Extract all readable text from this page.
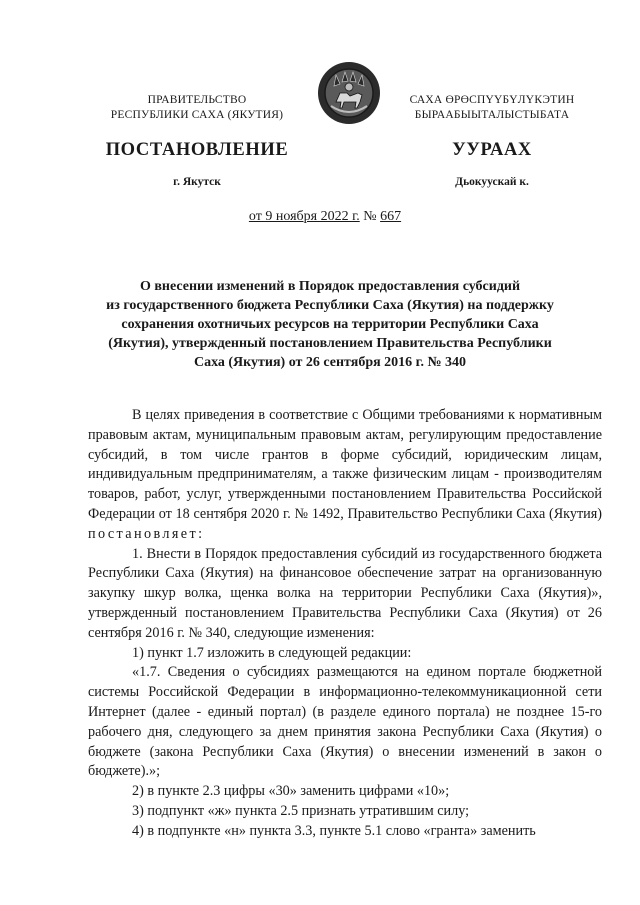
ПРАВИТЕЛЬСТВО
РЕСПУБЛИКИ САХА (ЯКУТИЯ)
САХА ӨРӨСПҮҮБҮЛҮКЭТИН
БЫРААБЫЫТАЛЫСТЫБАТА
ПОСТАНОВЛЕНИЕ	УУРААХ
г. Якутск	Дьокуускай к.
от 9 ноября 2022 г. № 667
О внесении изменений в Порядок предоставления субсидий
из государственного бюджета Республики Саха (Якутия) на поддержку
сохранения охотничьих ресурсов на территории Республики Саха
(Якутия), утвержденный постановлением Правительства Республики
Саха (Якутия) от 26 сентября 2016 г. № 340

В целях приведения в соответствие с Общими требованиями к нормативным правовым актам, муниципальным правовым актам, регулирующим предоставление субсидий, в том числе грантов в форме субсидий, юридическим лицам, индивидуальным предпринимателям, а также физическим лицам - производителям товаров, работ, услуг, утвержденными постановлением Правительства Российской Федерации от 18 сентября 2020 г. № 1492, Правительство Республики Саха (Якутия) постановляет:

1. Внести в Порядок предоставления субсидий из государственного бюджета Республики Саха (Якутия) на финансовое обеспечение затрат на организованную закупку шкур волка, щенка волка на территории Республики Саха (Якутия)», утвержденный постановлением Правительства Республики Саха (Якутия) от 26 сентября 2016 г. № 340, следующие изменения:

1) пункт 1.7 изложить в следующей редакции:

«1.7. Сведения о субсидиях размещаются на едином портале бюджетной системы Российской Федерации в информационно-телекоммуникационной сети Интернет (далее - единый портал) (в разделе единого портала) не позднее 15-го рабочего дня, следующего за днем принятия закона Республики Саха (Якутия) о бюджете (закона Республики Саха (Якутия) о внесении изменений в закон о бюджете).»;

2) в пункте 2.3 цифры «30» заменить цифрами «10»;

3) подпункт «ж» пункта 2.5 признать утратившим силу;

4) в подпункте «н» пункта 3.3, пункте 5.1 слово «гранта» заменить
